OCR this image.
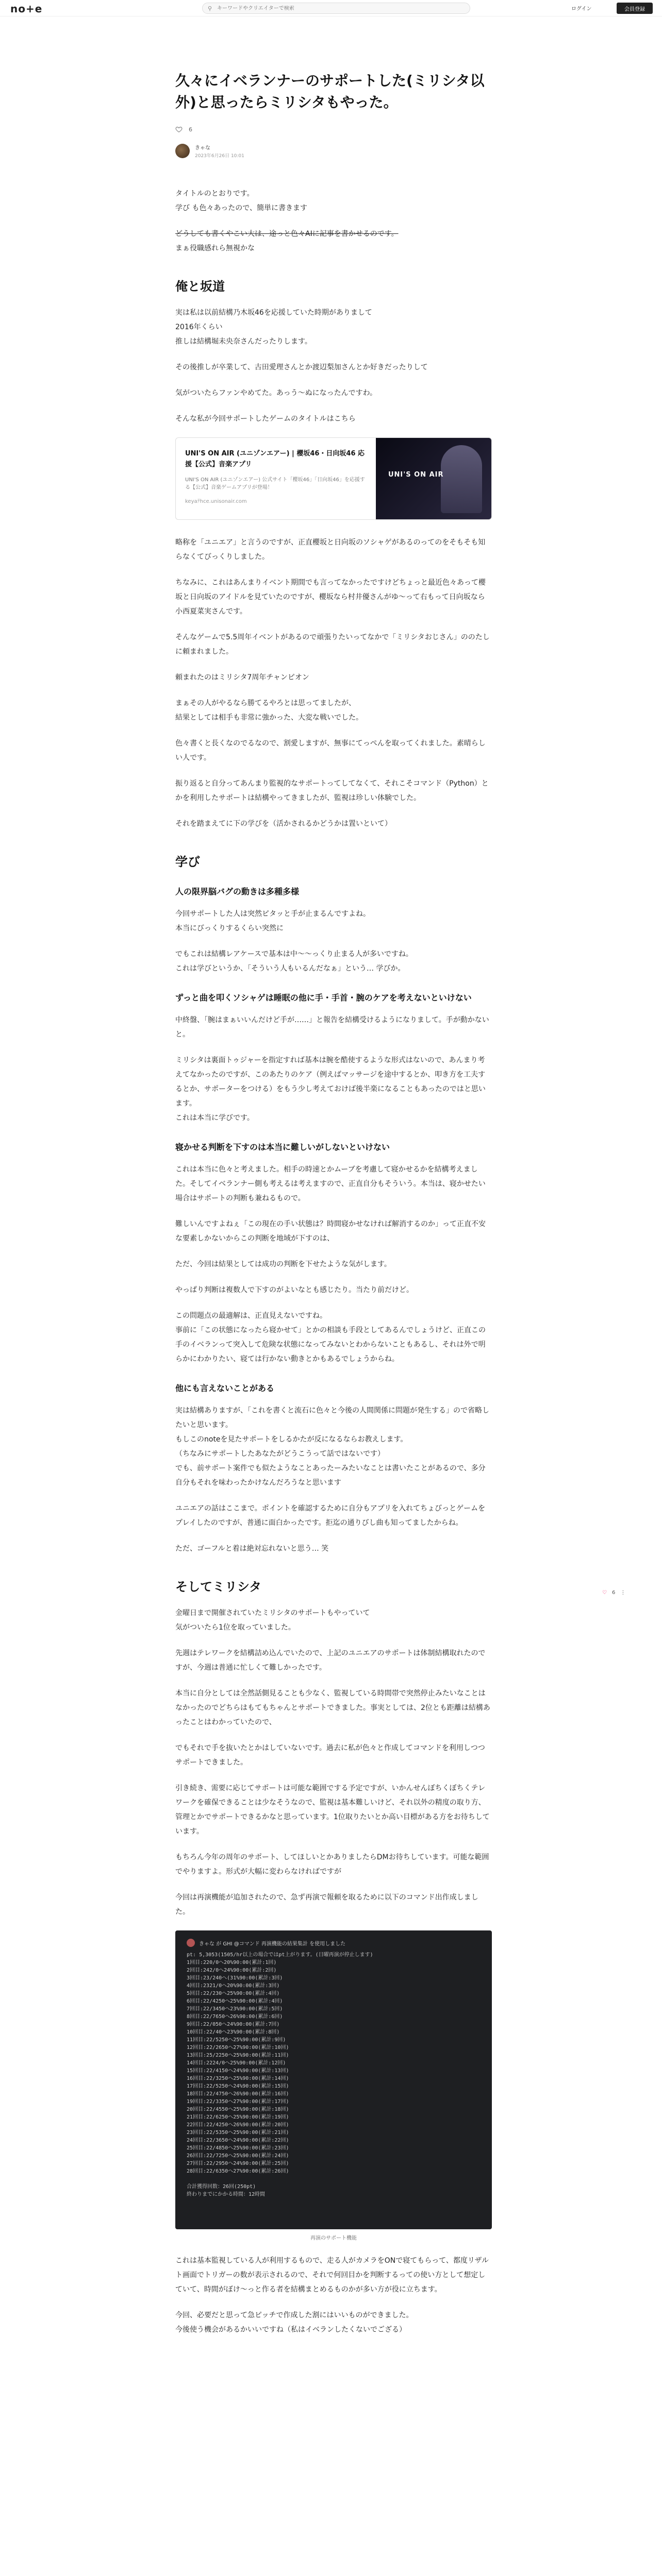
no+e	⚲
キーワードやクリエイターで検索	ログイン	会員登録
久々にイベランナーのサポートした(ミリシタ以外)と思ったらミリシタもやった。
6
きゃな
2023年6月26日 10:01

タイトルのとおりです。
学び も色々あったので、簡単に書きます

どうしても書くやこい大は、途っと色々AIに記事を書かせるのです。
まぁ役職感れら無視かな

俺と坂道

実は私は以前結構乃木坂46を応援していた時期がありまして
2016年くらい
推しは結構堀未央奈さんだったりします。

その後推しが卒業して、古田愛理さんとか渡辺梨加さんとか好きだったりして

気がついたらファンやめてた。あっう〜ぬになったんですわ。

そんな私が今回サポートしたゲームのタイトルはこちら

UNI'S ON AIR (ユニゾンエアー) | 櫻坂46・日向坂46 応援【公式】音楽アプリ
UNI'S ON AIR (ユニゾンエアー) 公式サイト「櫻坂46」「日向坂46」を応援する【公式】音楽ゲームアプリが登場！
keyaﾃhce.unisonair.com
UNI'S ON AIR

略称を「ユニエア」と言うのですが、正直櫻坂と日向坂のソシャゲがあるのってのをそもそも知らなくてびっくりしました。

ちなみに、これはあんまりイベント期間でも言ってなかったですけどちょっと最近色々あって櫻坂と日向坂のアイドルを見ていたのですが、櫻坂なら村井優さんがゆ〜って右もって日向坂なら小西夏菜実さんです。

そんなゲームで5.5周年イベントがあるので頑張りたいってなかで「ミリシタおじさん」ののたしに頼まれました。

頼まれたのはミリシタ7周年チャンピオン

まぁその人がやるなら勝てるやろとは思ってましたが、
結果としては相手も非常に強かった、大変な戦いでした。

色々書くと長くなのでるなので、割愛しますが、無事にてっぺんを取ってくれました。素晴らしい人です。

振り返ると自分ってあんまり監視的なサポートってしてなくて、それこそコマンド（Python）とかを利用したサポートは結構やってきましたが、監視は珍しい体験でした。

それを踏まえてに下の学びを（活かされるかどうかは置いといて）

学び
人の限界脳バグの動きは多種多様

今回サポートした人は突然ピタッと手が止まるんですよね。
本当にびっくりするくらい突然に

でもこれは結構レアケースで基本は中〜〜っくり止まる人が多いですね。
これは学びというか、「そういう人もいるんだなぁ」という… 学びか。

ずっと曲を叩くソシャゲは睡眠の他に手・手首・腕のケアを考えないといけない

中終盤、「腕はまぁいいんだけど手が……」と報告を結構受けるようになりまして。手が動かないと。

ミリシタは裏面トゥジャーを指定すれば基本は腕を酷使するような形式はないので、あんまり考えてなかったのですが、このあたりのケア（例えばマッサージを途中するとか、叩き方を工夫するとか、サポーターをつける）をもう少し考えておけば後半楽になることもあったのではと思います。
これは本当に学びです。

寝かせる判断を下すのは本当に難しいがしないといけない

これは本当に色々と考えました。相手の時速とかムーブを考慮して寝かせるかを結構考えました。そしてイベランナー側も考えるは考えますので、正直自分もそういう。本当は、寝かせたい場合はサポートの判断も兼ねるもので。

難しいんですよねぇ「この現在の手い状態は？時間寝かせなければ解消するのか」って正直不安な要素しかないからこの判断を地域が下すのは、

ただ、今回は結果としては成功の判断を下せたような気がします。

やっぱり判断は複数人で下すのがよいなとも感じたり。当たり前だけど。

この問題点の最適解は、正直見えないですね。
事前に「この状態になったら寝かせて」とかの相談も手段としてあるんでしょうけど、正直この手のイベランって突入して危険な状態になってみないとわからないこともあるし、それは外で明らかにわかりたい、寝ては行かない動きとかもあるでしょうからね。

他にも言えないことがある

実は結構ありますが、「これを書くと流石に色々と今後の人間関係に問題が発生する」ので省略したいと思います。
もしこのnoteを見たサポートをしるかたが反になるならお教えします。
（ちなみにサポートしたあなたがどうこうって話ではないです）
でも、前サポート案件でも似たようなことあったーみたいなことは書いたことがあるので、多分自分もそれを味わったかけなんだろうなと思います

ユニエアの話はここまで。ポイントを確認するために自分もアプリを入れてちょびっとゲームをプレイしたのですが、普通に面白かったです。拒迄の通りびし曲も知ってましたからね。

ただ、ゴーフルと着は絶対忘れないと思う… 笑

そしてミリシタ

金曜日まで開催されていたミリシタのサポートもやっていて
気がついたら1位を取っていました。

先週はテレワークを結構詰め込んでいたので、上記のユニエアのサポートは体制結構取れたのですが、今週は普通に忙しくて難しかったです。

本当に自分としては全然話側見ることも少なく、監視している時間帯で突然停止みたいなことはなかったのでどちらはもてもちゃんとサポートできました。事実としては、2位とも距離は結構あったことはわかっていたので、

でもそれで手を抜いたとかはしていないです。過去に私が色々と作成してコマンドを利用しつつサポートできました。

引き続き、需要に応じてサポートは可能な範囲でする予定ですが、いかんせんぼちくぼちくテレワークを確保できることは少なそうなので、監視は基本難しいけど、それ以外の精度の取り方、管理とかでサポートできるかなと思っています。1位取りたいとか高い目標がある方をお待ちしています。

もちろん今年の周年のサポート、してほしいとかありましたらDMお待ちしています。可能な範囲でやりますよ。形式が大幅に変わらなければですが

今回は再演機能が追加されたので、急ず再演で報頼を取るために以下のコマンド出作成しました。

きゃな が GHI @コマンド 再演機能の結果集計 を使用しました
pt: 5,3053(1505/hr以上の場合ではpt上がります。(日曜再演が停止します)
1回目:220/0へ20%90:00(累計:1回)
2回目:242/0へ24%90:00(累計:2回)
3回目:23/240へ(31%90:00(累計:3回)
4回目:2321/0へ20%90:00(累計:3回)
5回目:22/230へ25%90:00(累計:4回)
6回目:22/4250へ25%90:00(累計:4回)
7回目:22/3450へ23%90:00(累計:5回)
8回目:22/7650へ26%90:00(累計:6回)
9回目:22/050へ24%90:00(累計:7回)
10回目:22/40へ23%90:00(累計:8回)
11回目:22/5250へ25%90:00(累計:9回)
12回目:22/2650へ27%90:00(累計:10回)
13回目:25/2250へ25%90:00(累計:11回)
14回目:2224/0へ25%90:00(累計:12回)
15回目:22/4150へ24%90:00(累計:13回)
16回目:22/3250へ25%90:00(累計:14回)
17回目:22/5250へ24%90:00(累計:15回)
18回目:22/4750へ26%90:00(累計:16回)
19回目:22/3350へ27%90:00(累計:17回)
20回目:22/4550へ25%90:00(累計:18回)
21回目:22/6250へ25%90:00(累計:19回)
22回目:22/4250へ26%90:00(累計:20回)
23回目:22/5350へ25%90:00(累計:21回)
24回目:22/3650へ24%90:00(累計:22回)
25回目:22/4850へ25%90:00(累計:23回)
26回目:22/7250へ25%90:00(累計:24回)
27回目:22/2950へ24%90:00(累計:25回)
28回目:22/6350へ27%90:00(累計:26回)

合計獲得回数：26回(250pt)
終わりまでにかかる時間：12時間
再演のサポート機能

これは基本監視している人が利用するもので、走る人がカメラをONで寝てもらって、都度リザルト画面でトリガーの数が表示されるので、それで何回目かを判断するっての使い方として想定していて、時間がぼけ〜っと作る者を結構まとめるものかが多い方が役に立ちます。

今回、必要だと思って急ピッチで作成した割にはいいものができました。
今後使う機会があるかいいですね（私はイベランしたくないでござる）

♡ 6 ⋮
